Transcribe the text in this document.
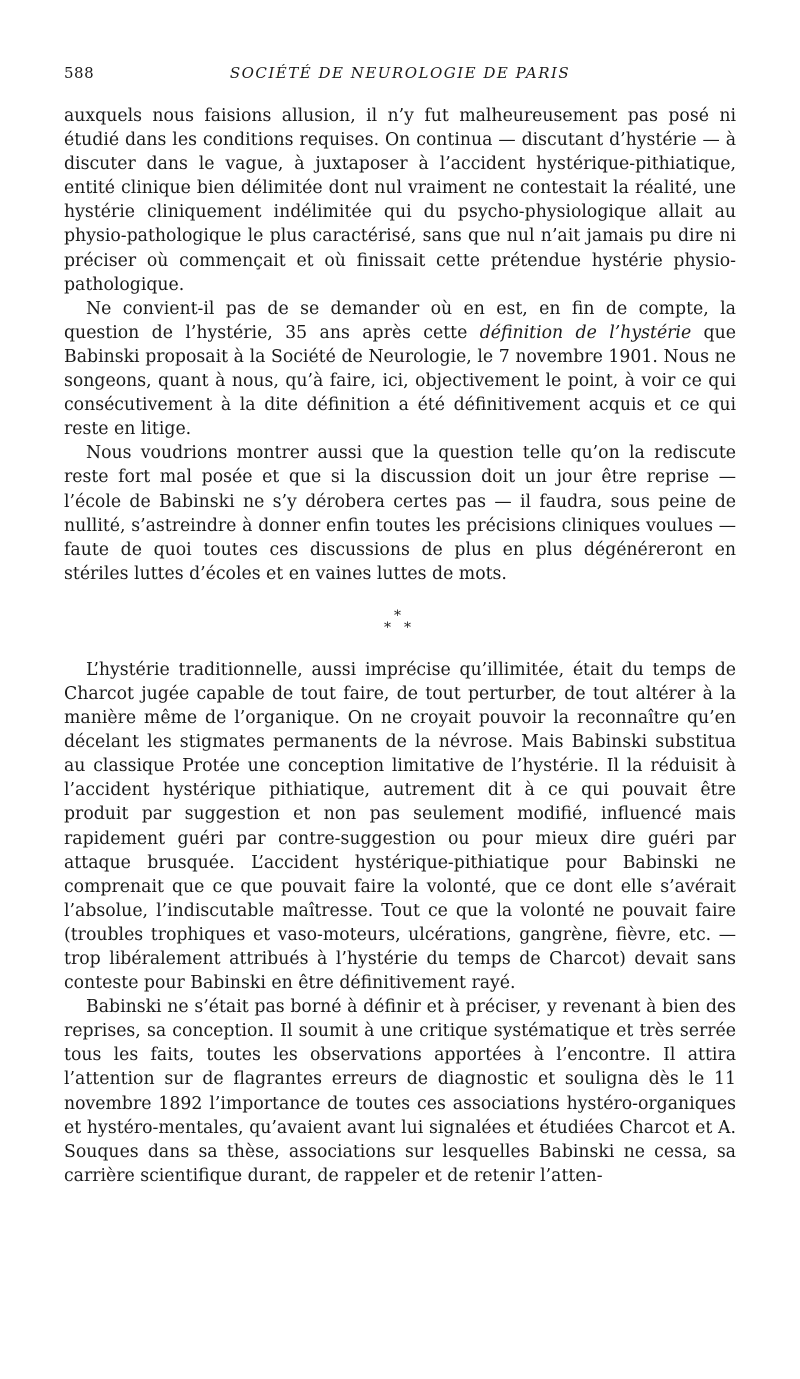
588	SOCIÉTÉ DE NEUROLOGIE DE PARIS

auxquels nous faisions allusion, il n’y fut malheureusement pas posé ni étudié dans les conditions requises. On continua — discutant d’hystérie — à discuter dans le vague, à juxtaposer à l’accident hystérique-pithiatique, entité clinique bien délimitée dont nul vraiment ne contestait la réalité, une hystérie cliniquement indélimitée qui du psycho-physiologique allait au physio-pathologique le plus caractérisé, sans que nul n’ait jamais pu dire ni préciser où commençait et où finissait cette prétendue hystérie physio-pathologique.

Ne convient-il pas de se demander où en est, en fin de compte, la question de l’hystérie, 35 ans après cette définition de l’hystérie que Babinski proposait à la Société de Neurologie, le 7 novembre 1901. Nous ne songeons, quant à nous, qu’à faire, ici, objectivement le point, à voir ce qui consécutivement à la dite définition a été définitivement acquis et ce qui reste en litige.

Nous voudrions montrer aussi que la question telle qu’on la rediscute reste fort mal posée et que si la discussion doit un jour être reprise — l’école de Babinski ne s’y dérobera certes pas — il faudra, sous peine de nullité, s’astreindre à donner enfin toutes les précisions cliniques voulues — faute de quoi toutes ces discussions de plus en plus dégénéreront en stériles luttes d’écoles et en vaines luttes de mots.

*
* *

L’hystérie traditionnelle, aussi imprécise qu’illimitée, était du temps de Charcot jugée capable de tout faire, de tout perturber, de tout altérer à la manière même de l’organique. On ne croyait pouvoir la reconnaître qu’en décelant les stigmates permanents de la névrose. Mais Babinski substitua au classique Protée une conception limitative de l’hystérie. Il la réduisit à l’accident hystérique pithiatique, autrement dit à ce qui pouvait être produit par suggestion et non pas seulement modifié, influencé mais rapidement guéri par contre-suggestion ou pour mieux dire guéri par attaque brusquée. L’accident hystérique-pithiatique pour Babinski ne comprenait que ce que pouvait faire la volonté, que ce dont elle s’avérait l’absolue, l’indiscutable maîtresse. Tout ce que la volonté ne pouvait faire (troubles trophiques et vaso-moteurs, ulcérations, gangrène, fièvre, etc. — trop libéralement attribués à l’hystérie du temps de Charcot) devait sans conteste pour Babinski en être définitivement rayé.

Babinski ne s’était pas borné à définir et à préciser, y revenant à bien des reprises, sa conception. Il soumit à une critique systématique et très serrée tous les faits, toutes les observations apportées à l’encontre. Il attira l’attention sur de flagrantes erreurs de diagnostic et souligna dès le 11 novembre 1892 l’importance de toutes ces associations hystéro-organiques et hystéro-mentales, qu’avaient avant lui signalées et étudiées Charcot et A. Souques dans sa thèse, associations sur lesquelles Babinski ne cessa, sa carrière scientifique durant, de rappeler et de retenir l’atten-
